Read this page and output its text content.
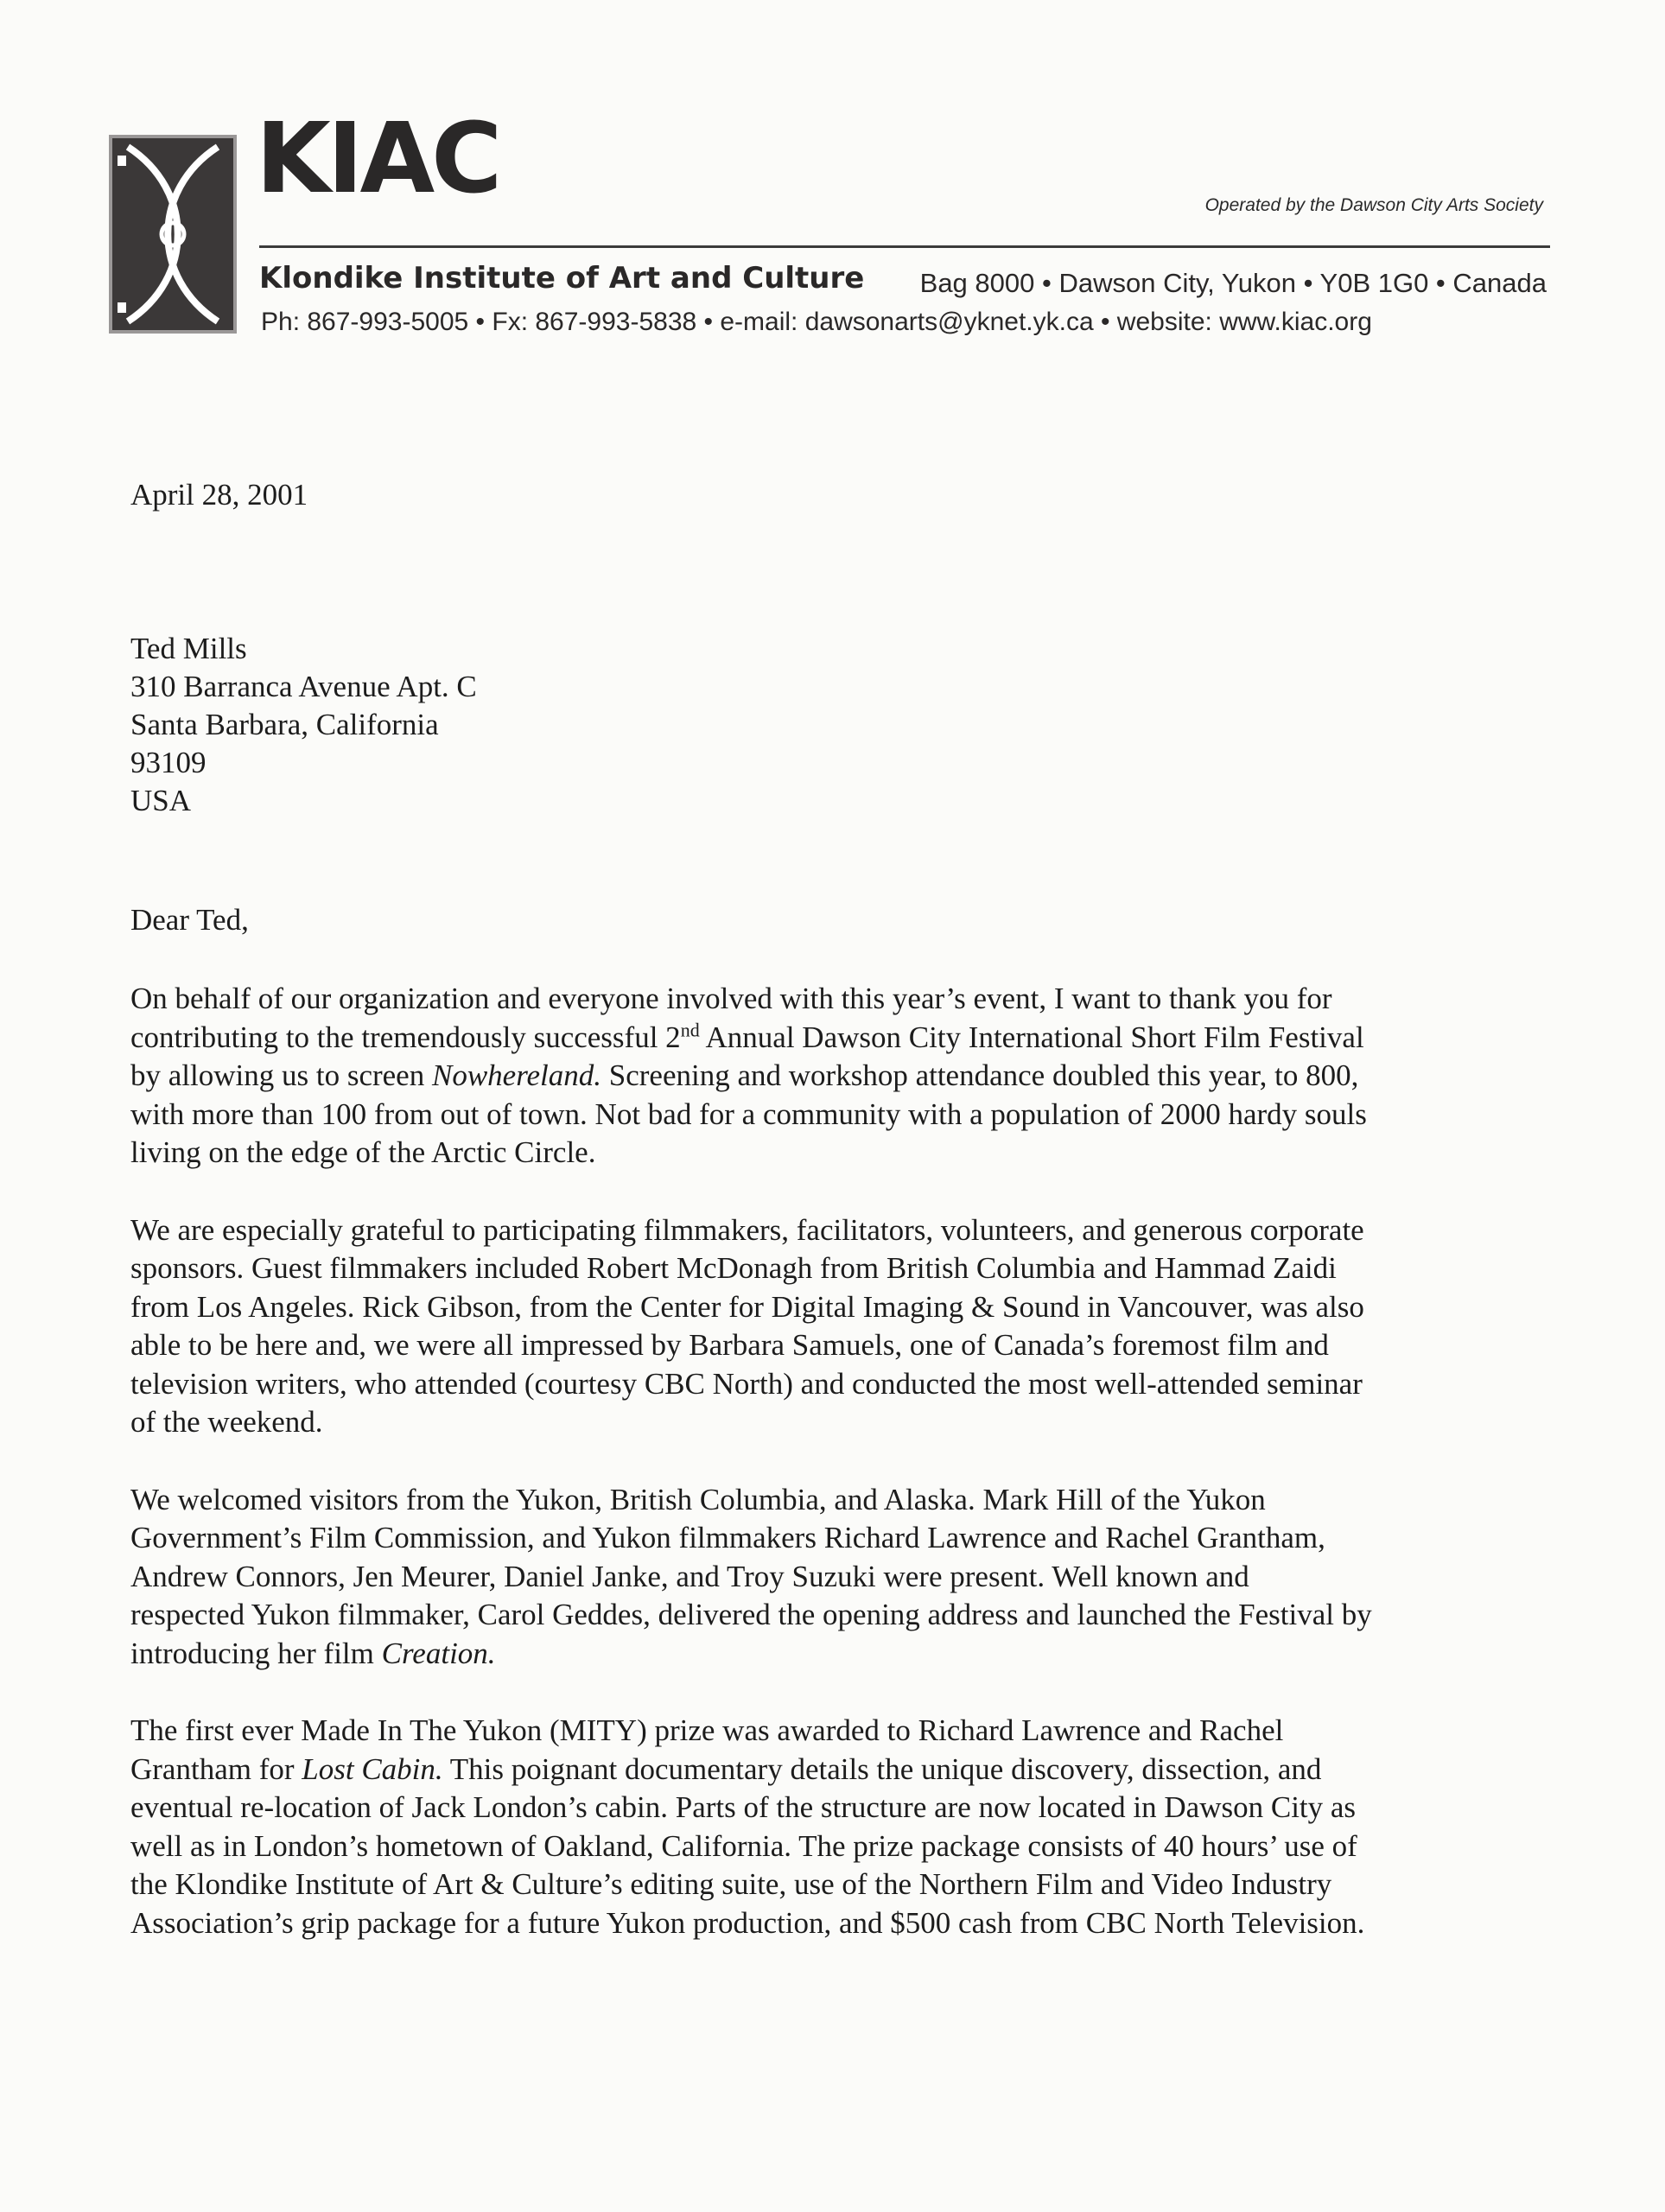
KIAC	Operated by the Dawson City Arts Society
Klondike Institute of Art and Culture	Bag 8000 • Dawson City, Yukon • Y0B 1G0 • Canada
Ph: 867-993-5005 • Fx: 867-993-5838 • e-mail: dawsonarts@yknet.yk.ca • website: www.kiac.org
April 28, 2001
Ted Mills
310 Barranca Avenue Apt. C
Santa Barbara, California
93109
USA
Dear Ted,
On behalf of our organization and everyone involved with this year’s event, I want to thank you for
contributing to the tremendously successful 2nd Annual Dawson City International Short Film Festival
by allowing us to screen Nowhereland. Screening and workshop attendance doubled this year, to 800,
with more than 100 from out of town. Not bad for a community with a population of 2000 hardy souls
living on the edge of the Arctic Circle.
We are especially grateful to participating filmmakers, facilitators, volunteers, and generous corporate
sponsors. Guest filmmakers included Robert McDonagh from British Columbia and Hammad Zaidi
from Los Angeles. Rick Gibson, from the Center for Digital Imaging & Sound in Vancouver, was also
able to be here and, we were all impressed by Barbara Samuels, one of Canada’s foremost film and
television writers, who attended (courtesy CBC North) and conducted the most well-attended seminar
of the weekend.
We welcomed visitors from the Yukon, British Columbia, and Alaska. Mark Hill of the Yukon
Government’s Film Commission, and Yukon filmmakers Richard Lawrence and Rachel Grantham,
Andrew Connors, Jen Meurer, Daniel Janke, and Troy Suzuki were present. Well known and
respected Yukon filmmaker, Carol Geddes, delivered the opening address and launched the Festival by
introducing her film Creation.
The first ever Made In The Yukon (MITY) prize was awarded to Richard Lawrence and Rachel
Grantham for Lost Cabin. This poignant documentary details the unique discovery, dissection, and
eventual re-location of Jack London’s cabin. Parts of the structure are now located in Dawson City as
well as in London’s hometown of Oakland, California. The prize package consists of 40 hours’ use of
the Klondike Institute of Art & Culture’s editing suite, use of the Northern Film and Video Industry
Association’s grip package for a future Yukon production, and $500 cash from CBC North Television.
